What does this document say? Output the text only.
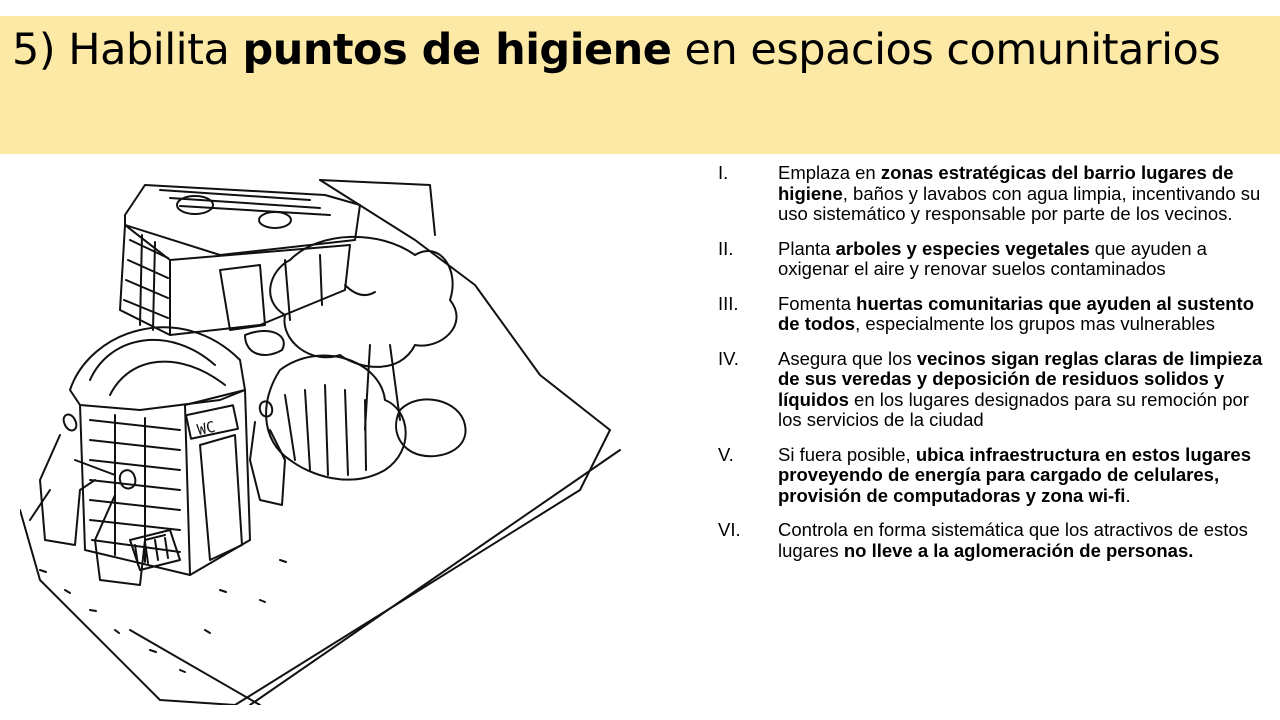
5) Habilita puntos de higiene en espacios comunitarios
WC
I.	Emplaza en zonas estratégicas del barrio lugares de higiene, baños y lavabos con agua limpia, incentivando su uso sistemático y responsable por parte de los vecinos.
II. Planta arboles y especies vegetales que ayuden a oxigenar el aire y renovar suelos contaminados
III. Fomenta huertas comunitarias que ayuden al sustento de todos, especialmente los grupos mas vulnerables
IV. Asegura que los vecinos sigan reglas claras de limpieza de sus veredas y deposición de residuos solidos y líquidos en los lugares designados para su remoción por los servicios de la ciudad
V. Si fuera posible, ubica infraestructura en estos lugares proveyendo de energía para cargado de celulares, provisión de computadoras y zona wi-fi.
VI. Controla en forma sistemática que los atractivos de estos lugares no lleve a la aglomeración de personas.
